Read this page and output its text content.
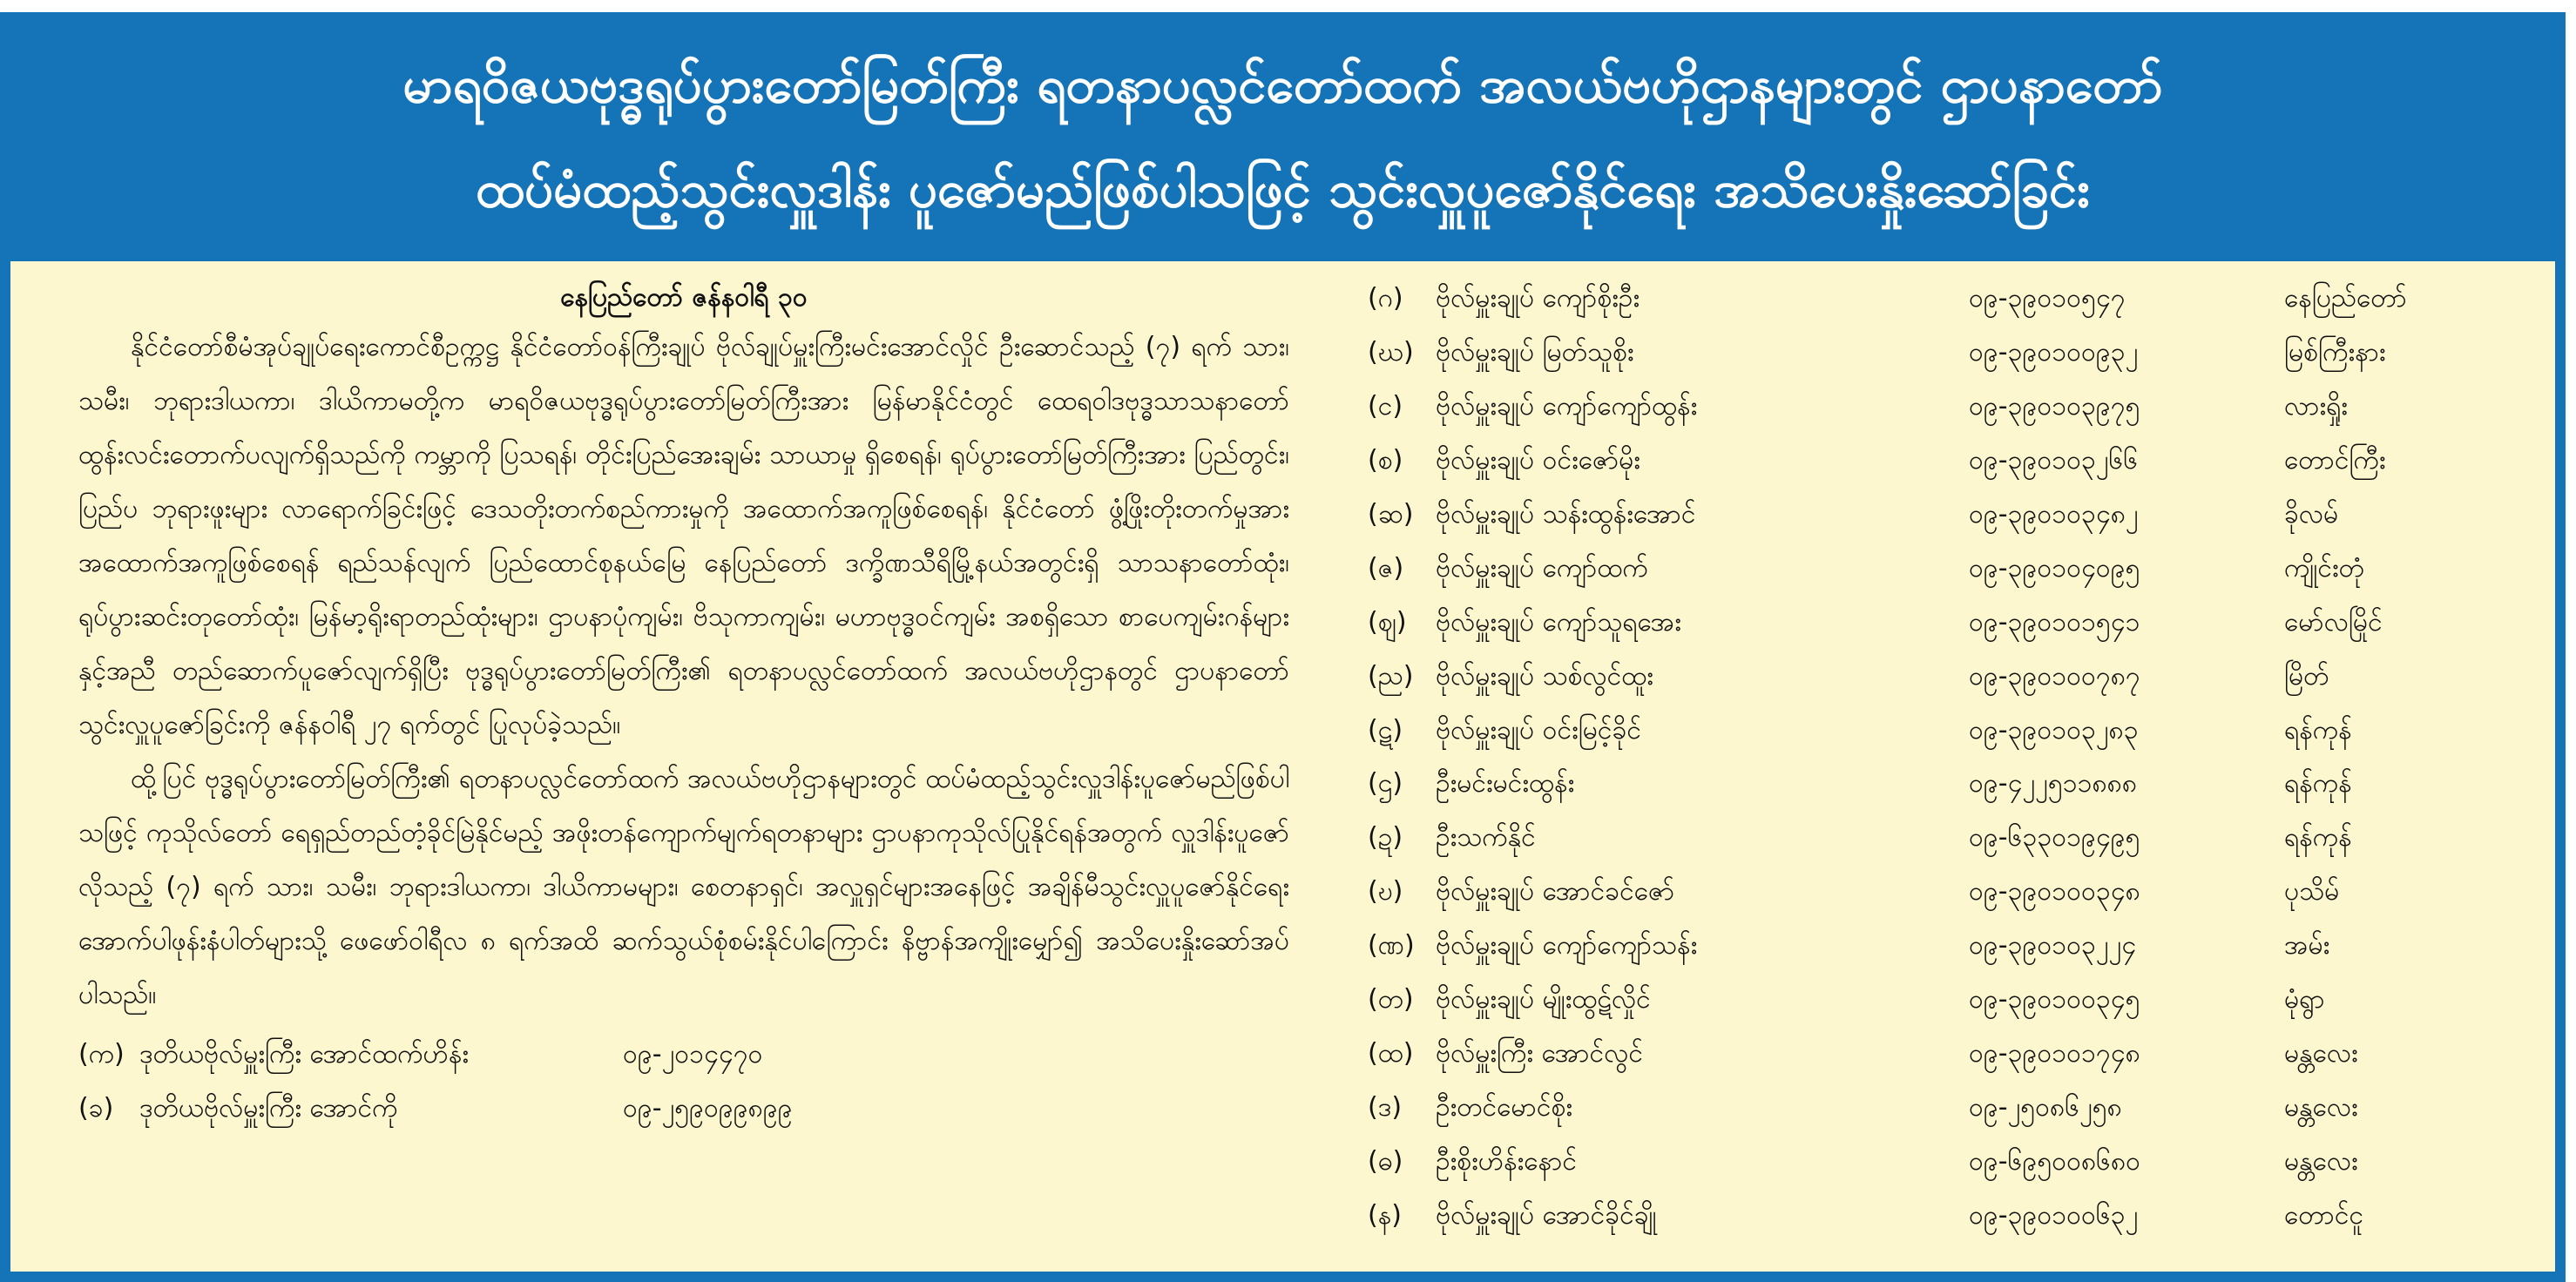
မာရဝိဇယဗုဒ္ဓရုပ်ပွားတော်မြတ်ကြီး ရတနာပလ္လင်တော်ထက် အလယ်ဗဟိုဌာနများတွင် ဌာပနာတော်
ထပ်မံထည့်သွင်းလှူဒါန်း ပူဇော်မည်ဖြစ်ပါသဖြင့် သွင်းလှူပူဇော်နိုင်ရေး အသိပေးနှိုးဆော်ခြင်း
နေပြည်တော် ဇန်နဝါရီ ၃၀

နိုင်ငံတော်စီမံအုပ်ချုပ်ရေးကောင်စီဥက္ကဋ္ဌ နိုင်ငံတော်ဝန်ကြီးချုပ် ဗိုလ်ချုပ်မှူးကြီးမင်းအောင်လှိုင် ဦးဆောင်သည့် (၇) ရက် သား၊ သမီး၊ ဘုရားဒါယကာ၊ ဒါယိကာမတို့က မာရဝိဇယဗုဒ္ဓရုပ်ပွားတော်မြတ်ကြီးအား မြန်မာနိုင်ငံတွင် ထေရဝါဒဗုဒ္ဓသာသနာတော် ထွန်းလင်းတောက်ပလျက်ရှိသည်ကို ကမ္ဘာကို ပြသရန်၊ တိုင်းပြည်အေးချမ်း သာယာမှု ရှိစေရန်၊ ရုပ်ပွားတော်မြတ်ကြီးအား ပြည်တွင်း၊ ပြည်ပ ဘုရားဖူးများ လာရောက်ခြင်းဖြင့် ဒေသတိုးတက်စည်ကားမှုကို အထောက်အကူဖြစ်စေရန်၊ နိုင်ငံတော် ဖွံ့ဖြိုးတိုးတက်မှုအား အထောက်အကူဖြစ်စေရန် ရည်သန်လျက် ပြည်ထောင်စုနယ်မြေ နေပြည်တော် ဒက္ခိဏသီရိမြို့နယ်အတွင်းရှိ သာသနာတော်ထုံး၊ ရုပ်ပွားဆင်းတုတော်ထုံး၊ မြန်မာ့ရိုးရာတည်ထုံးများ၊ ဌာပနာပုံကျမ်း၊ ဗိသုကာကျမ်း၊ မဟာဗုဒ္ဓဝင်ကျမ်း အစရှိသော စာပေကျမ်းဂန်များနှင့်အညီ တည်ဆောက်ပူဇော်လျက်ရှိပြီး ဗုဒ္ဓရုပ်ပွားတော်မြတ်ကြီး၏ ရတနာပလ္လင်တော်ထက် အလယ်ဗဟိုဌာနတွင် ဌာပနာတော် သွင်းလှူပူဇော်ခြင်းကို ဇန်နဝါရီ ၂၇ ရက်တွင် ပြုလုပ်ခဲ့သည်။

ထို့ပြင် ဗုဒ္ဓရုပ်ပွားတော်မြတ်ကြီး၏ ရတနာပလ္လင်တော်ထက် အလယ်ဗဟိုဌာနများတွင် ထပ်မံထည့်သွင်းလှူဒါန်းပူဇော်မည်ဖြစ်ပါသဖြင့် ကုသိုလ်တော် ရေရှည်တည်တံ့ခိုင်မြဲနိုင်မည့် အဖိုးတန်ကျောက်မျက်ရတနာများ ဌာပနာကုသိုလ်ပြုနိုင်ရန်အတွက် လှူဒါန်းပူဇော်လိုသည့် (၇) ရက် သား၊ သမီး၊ ဘုရားဒါယကာ၊ ဒါယိကာမများ၊ စေတနာရှင်၊ အလှူရှင်များအနေဖြင့် အချိန်မီသွင်းလှူပူဇော်နိုင်ရေး အောက်ပါဖုန်းနံပါတ်များသို့ ဖေဖော်ဝါရီလ ၈ ရက်အထိ ဆက်သွယ်စုံစမ်းနိုင်ပါကြောင်း နိဗ္ဗာန်အကျိုးမျှော်၍ အသိပေးနှိုးဆော်အပ်ပါသည်။

(က) ဒုတိယဗိုလ်မှူးကြီး အောင်ထက်ဟိန်း	၀၉-၂၀၁၄၄၇၀
(ခ) ဒုတိယဗိုလ်မှူးကြီး အောင်ကို	၀၉-၂၅၉၀၉၉၈၉၉
(ဂ)	ဗိုလ်မှူးချုပ် ကျော်စိုးဦး	၀၉-၃၉၀၁၀၅၄၇	နေပြည်တော်
(ဃ) ဗိုလ်မှူးချုပ် မြတ်သူစိုး	၀၉-၃၉၀၁၀၀၉၃၂	မြစ်ကြီးနား
(င)	ဗိုလ်မှူးချုပ် ကျော်ကျော်ထွန်း	၀၉-၃၉၀၁၀၃၉၇၅	လားရှိုး
(စ)	ဗိုလ်မှူးချုပ် ဝင်းဇော်မိုး	၀၉-၃၉၀၁၀၃၂၆၆	တောင်ကြီး
(ဆ) ဗိုလ်မှူးချုပ် သန်းထွန်းအောင်	၀၉-၃၉၀၁၀၃၄၈၂	ခိုလမ်
(ဇ)	ဗိုလ်မှူးချုပ် ကျော်ထက်	၀၉-၃၉၀၁၀၄၀၉၅	ကျိုင်းတုံ
(ဈ)	ဗိုလ်မှူးချုပ် ကျော်သူရအေး	၀၉-၃၉၀၁၀၁၅၄၁	မော်လမြိုင်
(ည) ဗိုလ်မှူးချုပ် သစ်လွင်ထူး	၀၉-၃၉၀၁၀၀၇၈၇	မြိတ်
(ဋ)	ဗိုလ်မှူးချုပ် ဝင်းမြင့်ခိုင်	၀၉-၃၉၀၁၀၃၂၈၃	ရန်ကုန်
(ဌ)	ဦးမင်းမင်းထွန်း	၀၉-၄၂၂၅၁၁၈၈၈	ရန်ကုန်
(ဍ)	ဦးသက်နိုင်	၀၉-၆၃၃၀၁၉၄၉၅	ရန်ကုန်
(ဎ)	ဗိုလ်မှူးချုပ် အောင်ခင်ဇော်	၀၉-၃၉၀၁၀၀၃၄၈	ပုသိမ်
(ဏ) ဗိုလ်မှူးချုပ် ကျော်ကျော်သန်း	၀၉-၃၉၀၁၀၃၂၂၄	အမ်း
(တ) ဗိုလ်မှူးချုပ် မျိုးထွဋ်လှိုင်	၀၉-၃၉၀၁၀၀၃၄၅	မုံရွာ
(ထ) ဗိုလ်မှူးကြီး အောင်လွင်	၀၉-၃၉၀၁၀၁၇၄၈	မန္တလေး
(ဒ)	ဦးတင်မောင်စိုး	၀၉-၂၅၀၈၆၂၅၈	မန္တလေး
(ဓ)	ဦးစိုးဟိန်းနောင်	၀၉-၆၉၅၀၀၈၆၈၀	မန္တလေး
(န)	ဗိုလ်မှူးချုပ် အောင်ခိုင်ချို	၀၉-၃၉၀၁၀၀၆၃၂	တောင်ငူ
